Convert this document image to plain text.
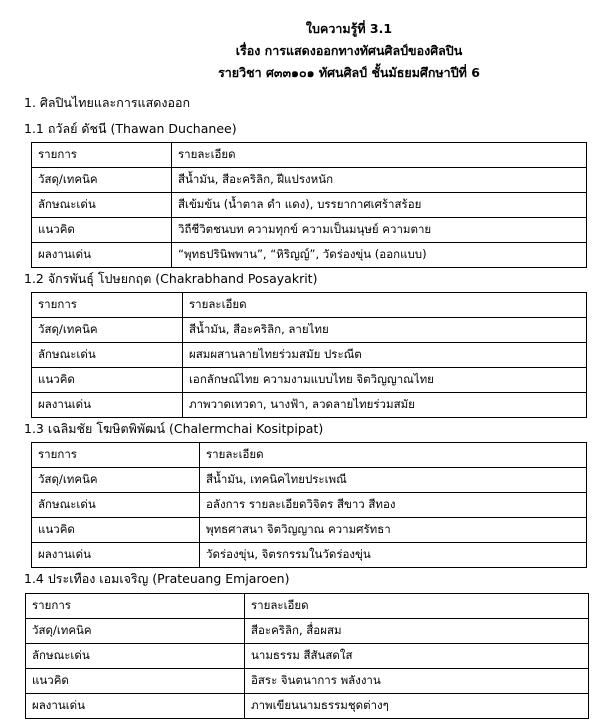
ใบความรู้ที่ 3.1
เรื่อง การแสดงออกทางทัศนศิลป์ของศิลปิน
รายวิชา ศ๓๓๑๐๑ ทัศนศิลป์ ชั้นมัธยมศึกษาปีที่ 6
1. ศิลปินไทยและการแสดงออก
1.1 ถวัลย์ ดัชนี (Thawan Duchanee)
รายการ	รายละเอียด
วัสดุ/เทคนิค	สีน้ำมัน, สีอะคริลิก, ฝีแปรงหนัก
ลักษณะเด่น	สีเข้มข้น (น้ำตาล ดำ แดง), บรรยากาศเศร้าสร้อย
แนวคิด	วิถีชีวิตชนบท ความทุกข์ ความเป็นมนุษย์ ความตาย
ผลงานเด่น	“พุทธปรินิพพาน”, “หิริญญ์”, วัดร่องขุ่น (ออกแบบ)
1.2 จักรพันธุ์ โปษยกฤต (Chakrabhand Posayakrit)
รายการ	รายละเอียด
วัสดุ/เทคนิค	สีน้ำมัน, สีอะคริลิก, ลายไทย
ลักษณะเด่น	ผสมผสานลายไทยร่วมสมัย ประณีต
แนวคิด	เอกลักษณ์ไทย ความงามแบบไทย จิตวิญญาณไทย
ผลงานเด่น	ภาพวาดเทวดา, นางฟ้า, ลวดลายไทยร่วมสมัย
1.3 เฉลิมชัย โฆษิตพิพัฒน์ (Chalermchai Kositpipat)
รายการ	รายละเอียด
วัสดุ/เทคนิค	สีน้ำมัน, เทคนิคไทยประเพณี
ลักษณะเด่น	อลังการ รายละเอียดวิจิตร สีขาว สีทอง
แนวคิด	พุทธศาสนา จิตวิญญาณ ความศรัทธา
ผลงานเด่น	วัดร่องขุ่น, จิตรกรรมในวัดร่องขุ่น
1.4 ประเทือง เอมเจริญ (Prateuang Emjaroen)
รายการ	รายละเอียด
วัสดุ/เทคนิค	สีอะคริลิก, สื่อผสม
ลักษณะเด่น	นามธรรม สีสันสดใส
แนวคิด	อิสระ จินตนาการ พลังงาน
ผลงานเด่น	ภาพเขียนนามธรรมชุดต่างๆ
